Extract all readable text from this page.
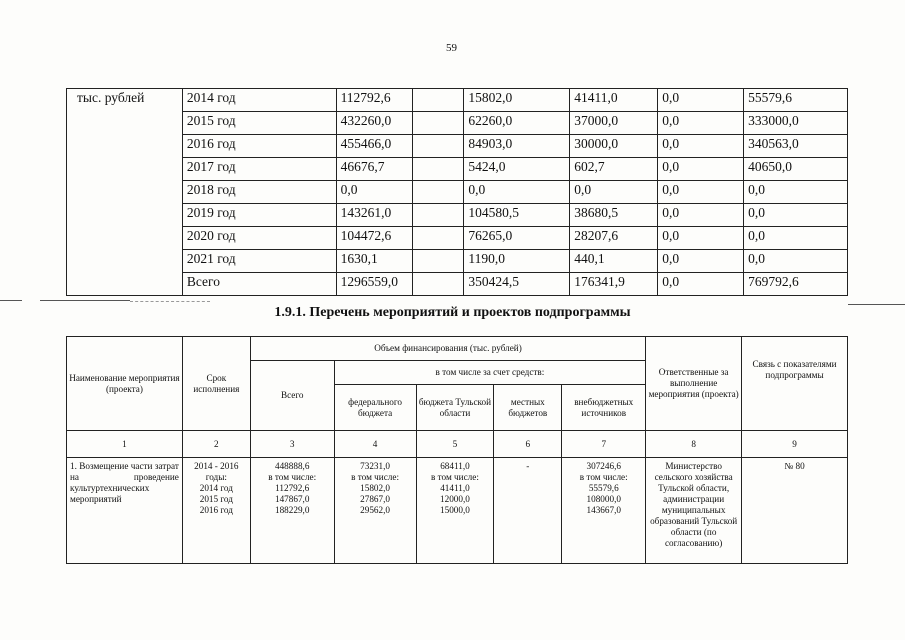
59
тыс. рублей	2014 год	112792,6		15802,0	41411,0	0,0	55579,6
	2015 год	432260,0		62260,0	37000,0	0,0	333000,0
	2016 год	455466,0		84903,0	30000,0	0,0	340563,0
	2017 год	46676,7		5424,0	602,7	0,0	40650,0
	2018 год	0,0		0,0	0,0	0,0	0,0
	2019 год	143261,0		104580,5	38680,5	0,0	0,0
	2020 год	104472,6		76265,0	28207,6	0,0	0,0
	2021 год	1630,1		1190,0	440,1	0,0	0,0
	Всего	1296559,0		350424,5	176341,9	0,0	769792,6
1.9.1. Перечень мероприятий и проектов подпрограммы
Наименование мероприятия (проекта)	Срок исполнения	Объем финансирования (тыс. рублей)					Ответственные за выполнение мероприятия (проекта)	Связь с показателями подпрограммы
		Всего	в том числе за счет средств:					
			федерального бюджета	бюджета Тульской области	местных бюджетов	внебюджетных источников		
1	2	3	4	5	6	7	8	9
1. Возмещение части затрат на проведение культуртехнических мероприятий	2014 - 2016
годы:
2014 год
2015 год
2016 год	448888,6
в том числе:
112792,6
147867,0
188229,0	73231,0
в том числе:
15802,0
27867,0
29562,0	68411,0
в том числе:
41411,0
12000,0
15000,0	-	307246,6
в том числе:
55579,6
108000,0
143667,0	Министерство сельского хозяйства Тульской области, администрации муниципальных образований Тульской области (по согласованию)	№ 80
